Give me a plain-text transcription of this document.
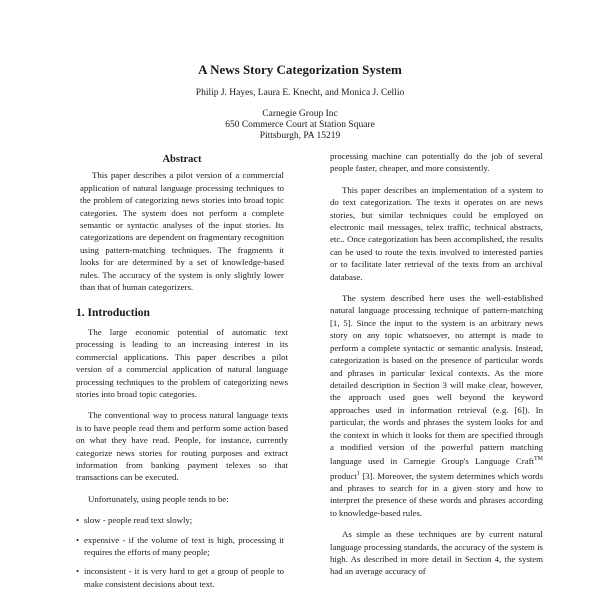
A News Story Categorization System

Philip J. Hayes, Laura E. Knecht, and Monica J. Cellio

Carnegie Group Inc
650 Commerce Court at Station Square
Pittsburgh, PA 15219

Abstract

This paper describes a pilot version of a commercial application of natural language processing techniques to the problem of categorizing news stories into broad topic categories. The system does not perform a complete semantic or syntactic analyses of the input stories. Its categorizations are dependent on fragmentary recognition using pattern-matching techniques. The fragments it looks for are determined by a set of knowledge-based rules. The accuracy of the system is only slightly lower than that of human categorizers.

1. Introduction

The large economic potential of automatic text processing is leading to an increasing interest in its commercial applications. This paper describes a pilot version of a commercial application of natural language processing techniques to the problem of categorizing news stories into broad topic categories.

The conventional way to process natural language texts is to have people read them and perform some action based on what they have read. People, for instance, currently categorize news stories for routing purposes and extract information from banking payment telexes so that transactions can be executed.

Unfortunately, using people tends to be:

• slow - people read text slowly;
• expensive - if the volume of text is high, processing it requires the efforts of many people;
• inconsistent - it is very hard to get a group of people to make consistent decisions about text.

processing machine can potentially do the job of several people faster, cheaper, and more consistently.

This paper describes an implementation of a system to do text categorization. The texts it operates on are news stories, but similar techniques could be employed on electronic mail messages, telex traffic, technical abstracts, etc.. Once categorization has been accomplished, the results can be used to route the texts involved to interested parties or to facilitate later retrieval of the texts from an archival database.

The system described here uses the well-established natural language processing technique of pattern-matching [1, 5]. Since the input to the system is an arbitrary news story on any topic whatsoever, no attempt is made to perform a complete syntactic or semantic analysis. Instead, categorization is based on the presence of particular words and phrases in particular lexical contexts. As the more detailed description in Section 3 will make clear, however, the approach used goes well beyond the keyword approaches used in information retrieval (e.g. [6]). In particular, the words and phrases the system looks for and the context in which it looks for them are specified through a modified version of the powerful pattern matching language used in Carnegie Group's Language Craft™ product$^1$ [3]. Moreover, the system determines which words and phrases to search for in a given story and how to interpret the presence of these words and phrases according to knowledge-based rules.

As simple as these techniques are by current natural language processing standards, the accuracy of the system is high. As described in more detail in Section 4, the system had an average accuracy of
